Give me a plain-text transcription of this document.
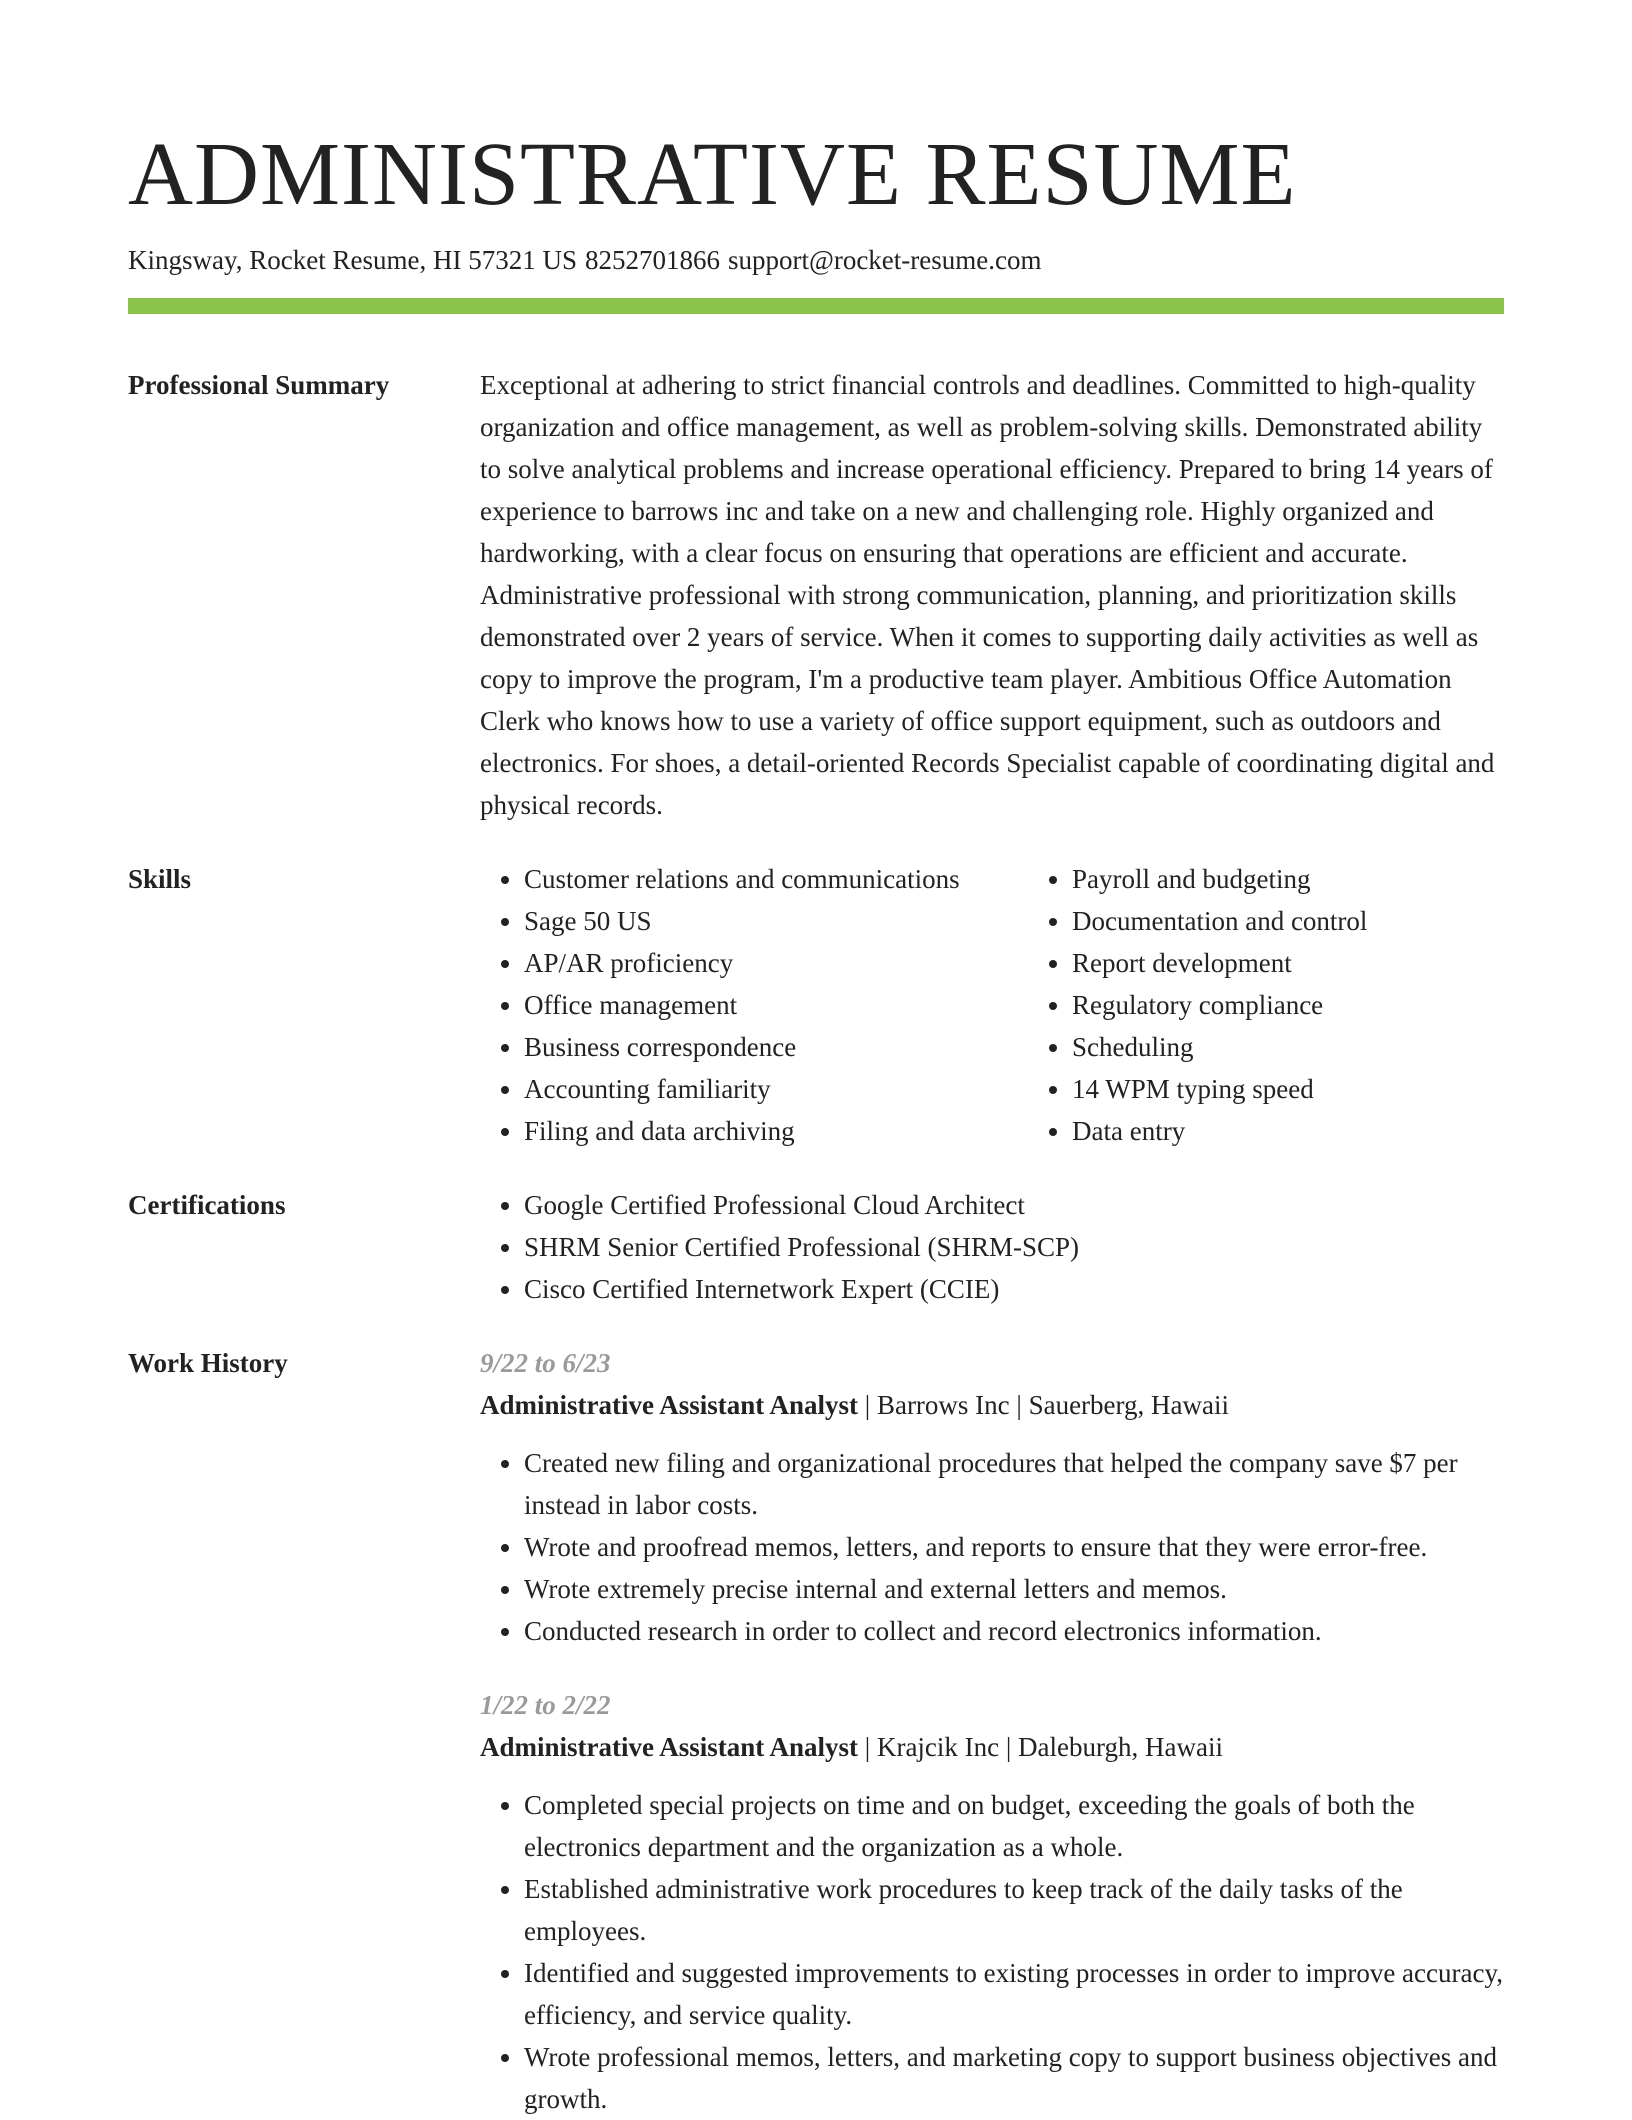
ADMINISTRATIVE RESUME
Kingsway, Rocket Resume, HI 57321 US 8252701866 support@rocket-resume.com
Professional Summary	Exceptional at adhering to strict financial controls and deadlines. Committed to high-quality organization and office management, as well as problem-solving skills. Demonstrated ability to solve analytical problems and increase operational efficiency. Prepared to bring 14 years of experience to barrows inc and take on a new and challenging role. Highly organized and hardworking, with a clear focus on ensuring that operations are efficient and accurate. Administrative professional with strong communication, planning, and prioritization skills demonstrated over 2 years of service. When it comes to supporting daily activities as well as copy to improve the program, I'm a productive team player. Ambitious Office Automation Clerk who knows how to use a variety of office support equipment, such as outdoors and electronics. For shoes, a detail-oriented Records Specialist capable of coordinating digital and physical records.
Skills	• Customer relations and communications
• Sage 50 US
• AP/AR proficiency
• Office management
• Business correspondence
• Accounting familiarity
• Filing and data archiving
• Payroll and budgeting
• Documentation and control
• Report development
• Regulatory compliance
• Scheduling
• 14 WPM typing speed
• Data entry
Certifications	• Google Certified Professional Cloud Architect
• SHRM Senior Certified Professional (SHRM-SCP)
• Cisco Certified Internetwork Expert (CCIE)
Work History	9/22 to 6/23
Administrative Assistant Analyst | Barrows Inc | Sauerberg, Hawaii
• Created new filing and organizational procedures that helped the company save $7 per instead in labor costs.
• Wrote and proofread memos, letters, and reports to ensure that they were error-free.
• Wrote extremely precise internal and external letters and memos.
• Conducted research in order to collect and record electronics information.
1/22 to 2/22
Administrative Assistant Analyst | Krajcik Inc | Daleburgh, Hawaii
• Completed special projects on time and on budget, exceeding the goals of both the electronics department and the organization as a whole.
• Established administrative work procedures to keep track of the daily tasks of the employees.
• Identified and suggested improvements to existing processes in order to improve accuracy, efficiency, and service quality.
• Wrote professional memos, letters, and marketing copy to support business objectives and growth.
